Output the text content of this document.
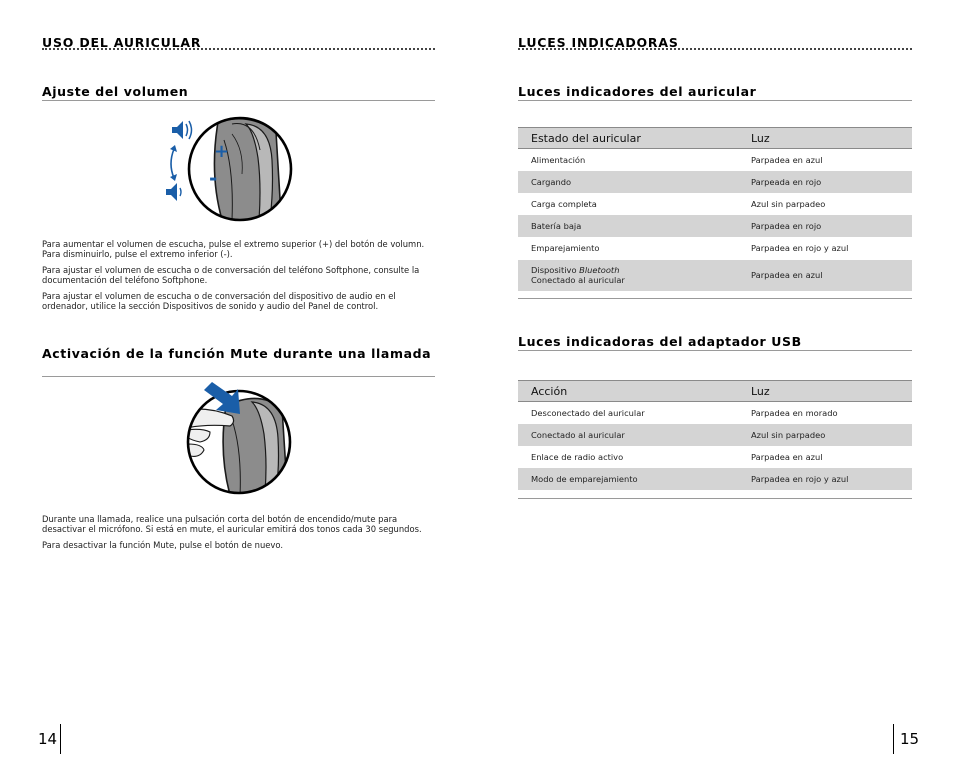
USO DEL AURICULAR
Ajuste del volumen
+
-

Para aumentar el volumen de escucha, pulse el extremo superior (+) del botón de volumn. Para disminuirlo, pulse el extremo inferior (-).

Para ajustar el volumen de escucha o de conversación del teléfono Softphone, consulte la documentación del teléfono Softphone.

Para ajustar el volumen de escucha o de conversación del dispositivo de audio en el ordenador, utilice la sección Dispositivos de sonido y audio del Panel de control.

Activación de la función Mute durante una llamada

Durante una llamada, realice una pulsación corta del botón de encendido/mute para desactivar el micrófono. Si está en mute, el auricular emitirá dos tonos cada 30 segundos.

Para desactivar la función Mute, pulse el botón de nuevo.

14
LUCES INDICADORAS
Luces indicadores del auricular
Estado del auricular	Luz
Alimentación	Parpadea en azul
Cargando	Parpeada en rojo
Carga completa	Azul sin parpadeo
Batería baja	Parpadea en rojo
Emparejamiento	Parpadea en rojo y azul
Dispositivo Bluetooth
Conectado al auricular	Parpadea en azul
Luces indicadoras del adaptador USB
Acción	Luz
Desconectado del auricular	Parpadea en morado
Conectado al auricular	Azul sin parpadeo
Enlace de radio activo	Parpadea en azul
Modo de emparejamiento	Parpadea en rojo y azul
15
